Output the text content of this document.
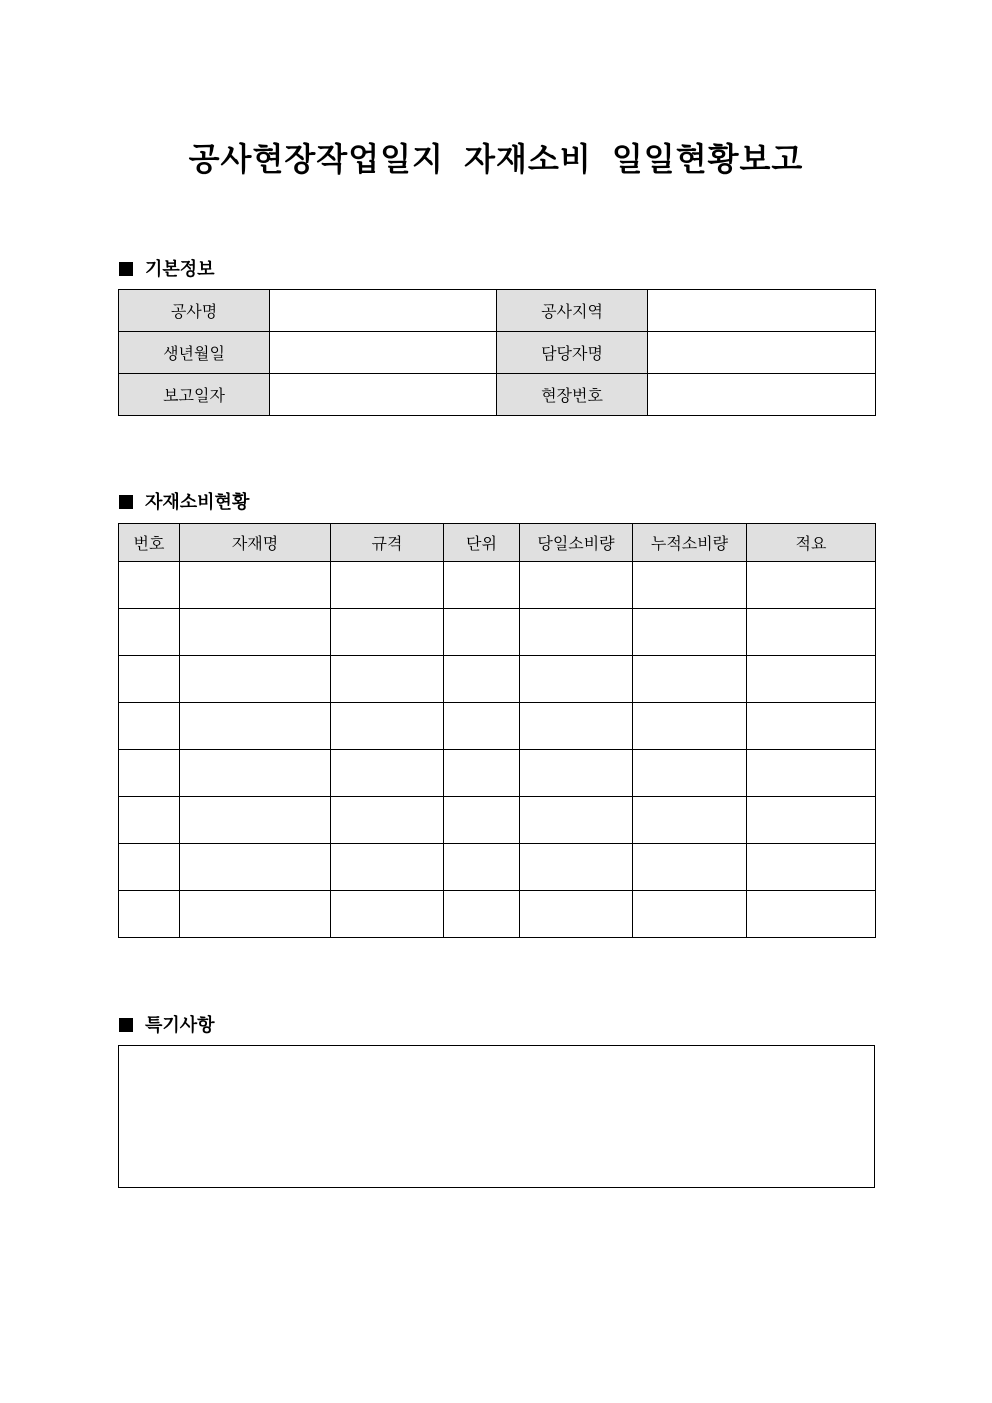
공사현장작업일지 자재소비 일일현황보고
기본정보
공사명		공사지역	
생년월일		담당자명	
보고일자		현장번호	
자재소비현황
번호	자재명	규격	단위	당일소비량	누적소비량	적요

특기사항
